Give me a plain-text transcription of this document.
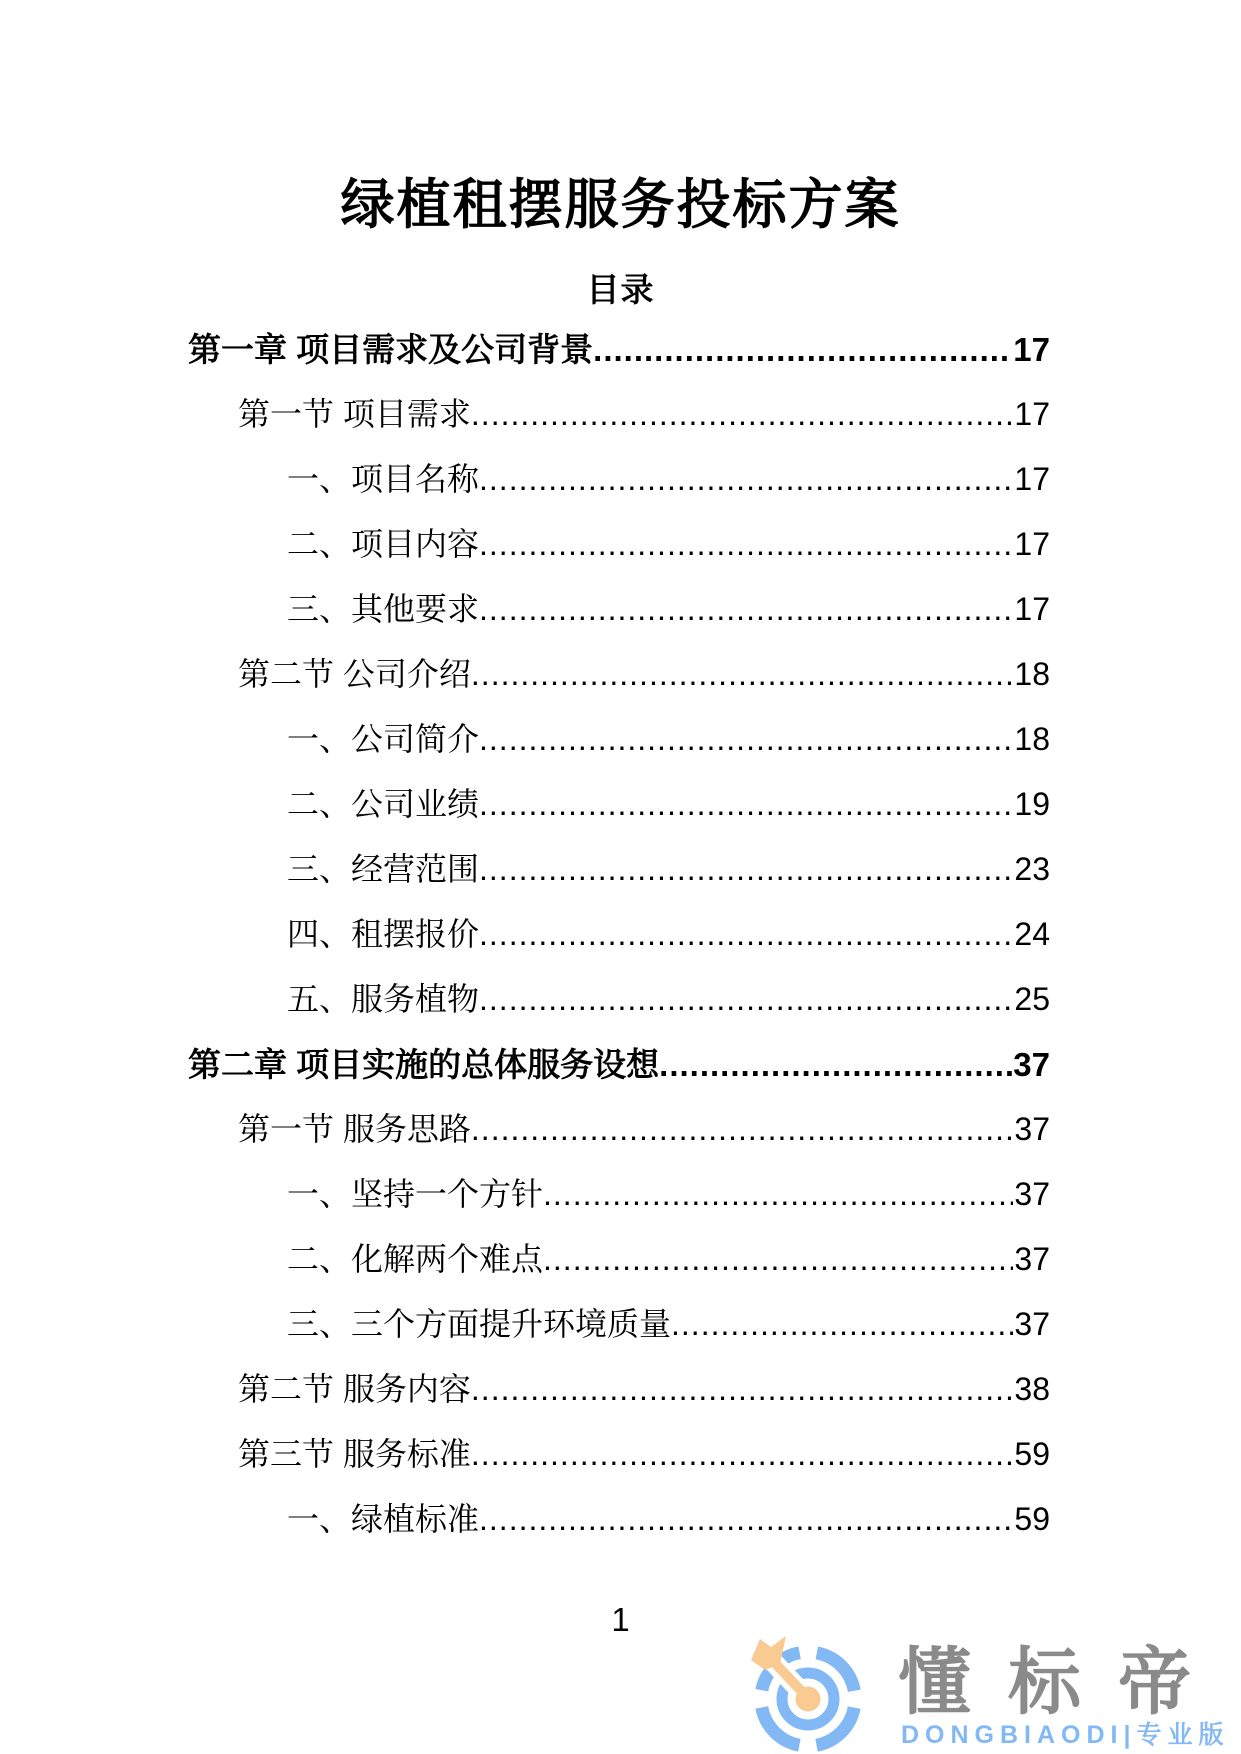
绿植租摆服务投标方案
目录
第一章 项目需求及公司背景 .....	17
第一节 项目需求 .....	17
一、项目名称 .....	17
二、项目内容 .....	17
三、其他要求 .....	17
第二节 公司介绍 .....	18
一、公司简介 .....	18
二、公司业绩 .....	19
三、经营范围 .....	23
四、租摆报价 .....	24
五、服务植物 .....	25
第二章 项目实施的总体服务设想 .....	37
第一节 服务思路 .....	37
一、坚持一个方针 .....	37
二、化解两个难点 .....	37
三、三个方面提升环境质量 .....	37
第二节 服务内容 .....	38
第三节 服务标准 .....	59
一、绿植标准 .....	59
1
懂标帝
DONGBIAODI|专业版
